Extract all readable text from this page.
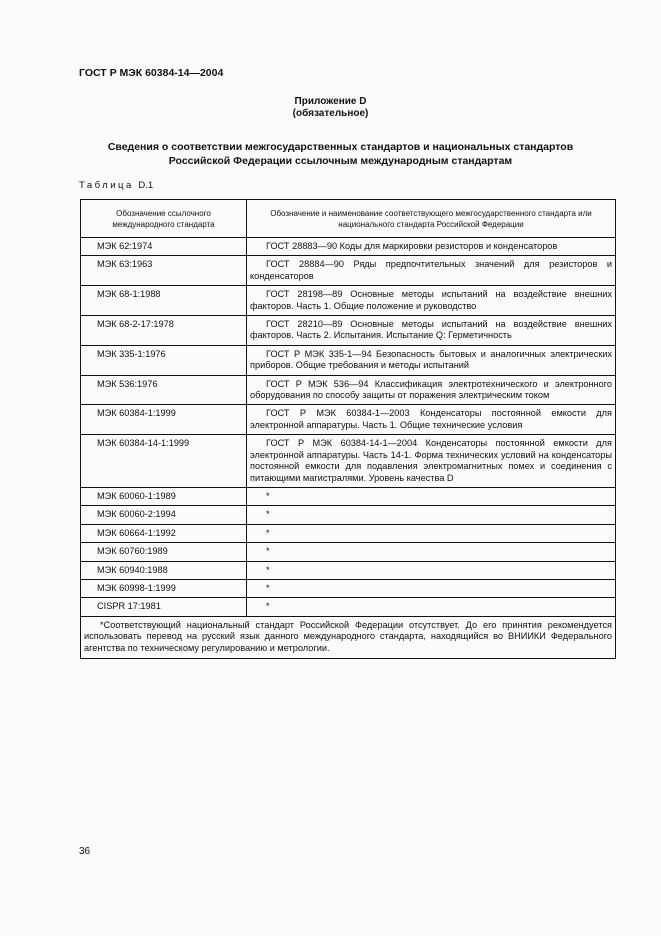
ГОСТ Р МЭК 60384-14—2004
Приложение D
(обязательное)
Сведения о соответствии межгосударственных стандартов и национальных стандартов
Российской Федерации ссылочным международным стандартам
Таблица D.1
Обозначение ссылочного международного стандарта	Обозначение и наименование соответствующего межгосударственного стандарта или национального стандарта Российской Федерации
МЭК 62:1974	ГОСТ 28883—90 Коды для маркировки резисторов и конденсаторов
МЭК 63:1963	ГОСТ 28884—90 Ряды предпочтительных значений для резисторов и конденсаторов
МЭК 68-1:1988	ГОСТ 28198—89 Основные методы испытаний на воздействие внешних факторов. Часть 1. Общие положение и руководство
МЭК 68-2-17:1978	ГОСТ 28210—89 Основные методы испытаний на воздействие внешних факторов. Часть 2. Испытания. Испытание Q: Герметичность
МЭК 335-1:1976	ГОСТ Р МЭК 335-1—94 Безопасность бытовых и аналогичных электрических приборов. Общие требования и методы испытаний
МЭК 536:1976	ГОСТ Р МЭК 536—94 Классификация электротехнического и электронного оборудования по способу защиты от поражения электрическим током
МЭК 60384-1:1999	ГОСТ Р МЭК 60384-1—2003 Конденсаторы постоянной емкости для электронной аппаратуры. Часть 1. Общие технические условия
МЭК 60384-14-1:1999	ГОСТ Р МЭК 60384-14-1—2004 Конденсаторы постоянной емкости для электронной аппаратуры. Часть 14-1. Форма технических условий на конденсаторы постоянной емкости для подавления электромагнитных помех и соединения с питающими магистралями. Уровень качества D
МЭК 60060-1:1989	*
МЭК 60060-2:1994	*
МЭК 60664-1:1992	*
МЭК 60760:1989	*
МЭК 60940:1988	*
МЭК 60998-1:1999	*
CISPR 17:1981	*
*Соответствующий национальный стандарт Российской Федерации отсутствует. До его принятия рекомендуется использовать перевод на русский язык данного международного стандарта, находящийся во ВНИИКИ Федерального агентства по техническому регулированию и метрологии.	
36
